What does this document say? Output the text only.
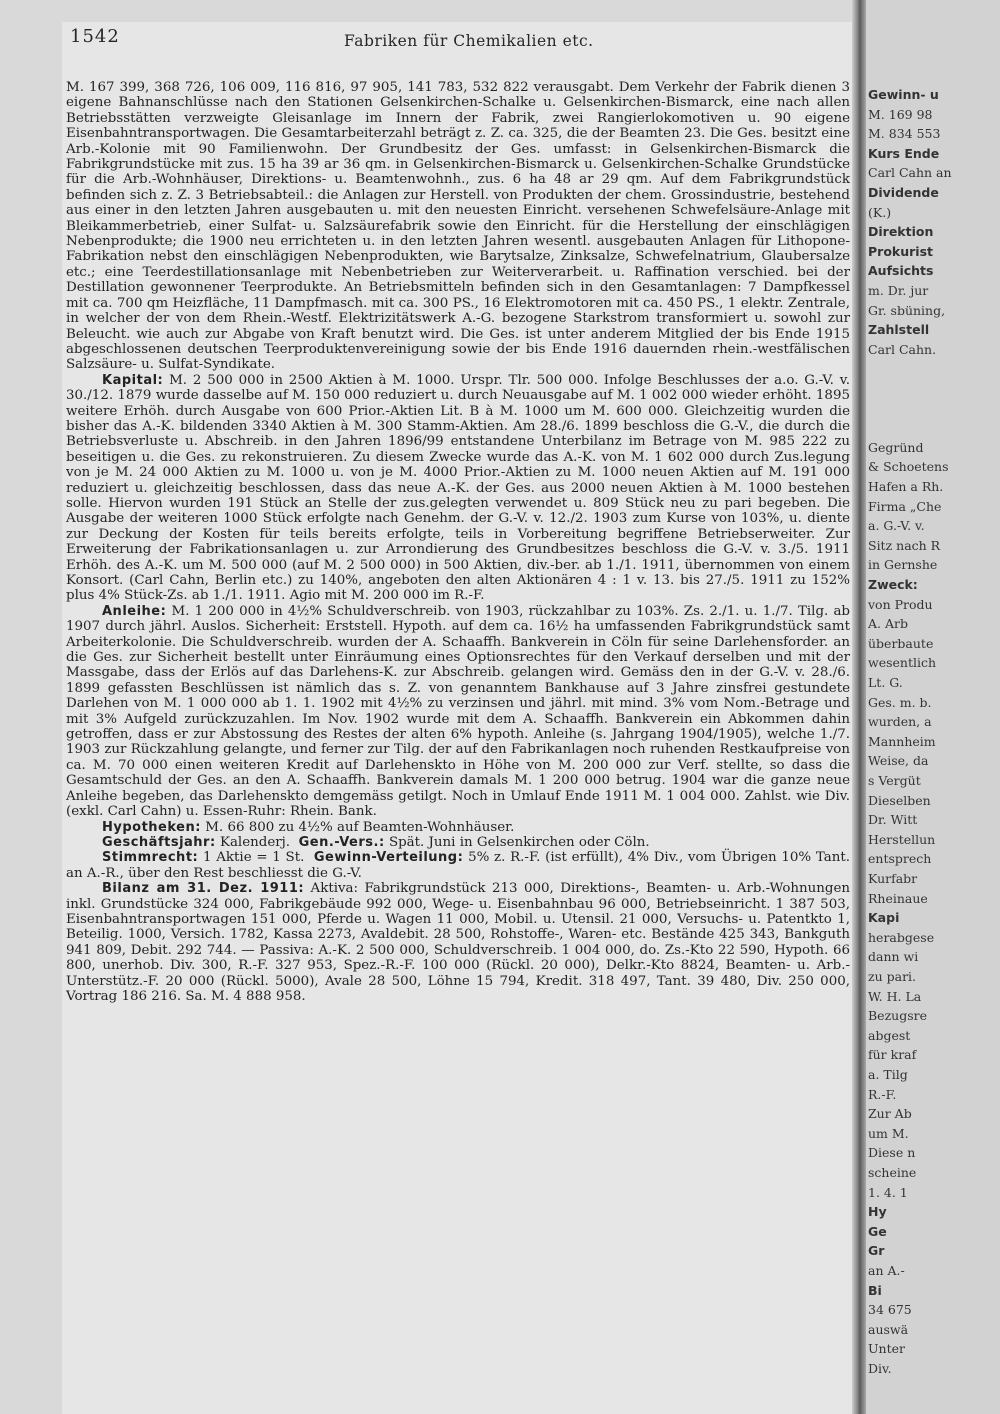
1542	Fabriken für Chemikalien etc.

M. 167 399, 368 726, 106 009, 116 816, 97 905, 141 783, 532 822 verausgabt. Dem Verkehr der Fabrik dienen 3 eigene Bahnanschlüsse nach den Stationen Gelsenkirchen-Schalke u. Gelsenkirchen-Bismarck, eine nach allen Betriebsstätten verzweigte Gleisanlage im Innern der Fabrik, zwei Rangierlokomotiven u. 90 eigene Eisenbahntransportwagen. Die Gesamtarbeiterzahl beträgt z. Z. ca. 325, die der Beamten 23. Die Ges. besitzt eine Arb.-Kolonie mit 90 Familienwohn. Der Grundbesitz der Ges. umfasst: in Gelsenkirchen-Bismarck die Fabrikgrundstücke mit zus. 15 ha 39 ar 36 qm. in Gelsenkirchen-Bismarck u. Gelsenkirchen-Schalke Grundstücke für die Arb.-Wohnhäuser, Direktions- u. Beamtenwohnh., zus. 6 ha 48 ar 29 qm. Auf dem Fabrikgrundstück befinden sich z. Z. 3 Betriebsabteil.: die Anlagen zur Herstell. von Produkten der chem. Grossindustrie, bestehend aus einer in den letzten Jahren ausgebauten u. mit den neuesten Einricht. versehenen Schwefelsäure-Anlage mit Bleikammerbetrieb, einer Sulfat- u. Salzsäurefabrik sowie den Einricht. für die Herstellung der einschlägigen Nebenprodukte; die 1900 neu errichteten u. in den letzten Jahren wesentl. ausgebauten Anlagen für Lithopone-Fabrikation nebst den einschlägigen Nebenprodukten, wie Barytsalze, Zinksalze, Schwefelnatrium, Glaubersalze etc.; eine Teerdestillationsanlage mit Nebenbetrieben zur Weiterverarbeit. u. Raffination verschied. bei der Destillation gewonnener Teerprodukte. An Betriebsmitteln befinden sich in den Gesamtanlagen: 7 Dampfkessel mit ca. 700 qm Heizfläche, 11 Dampfmasch. mit ca. 300 PS., 16 Elektromotoren mit ca. 450 PS., 1 elektr. Zentrale, in welcher der von dem Rhein.-Westf. Elektrizitätswerk A.-G. bezogene Starkstrom transformiert u. sowohl zur Beleucht. wie auch zur Abgabe von Kraft benutzt wird. Die Ges. ist unter anderem Mitglied der bis Ende 1915 abgeschlossenen deutschen Teerproduktenvereinigung sowie der bis Ende 1916 dauernden rhein.-westfälischen Salzsäure- u. Sulfat-Syndikate.

Kapital: M. 2 500 000 in 2500 Aktien à M. 1000. Urspr. Tlr. 500 000. Infolge Beschlusses der a.o. G.-V. v. 30./12. 1879 wurde dasselbe auf M. 150 000 reduziert u. durch Neuausgabe auf M. 1 002 000 wieder erhöht. 1895 weitere Erhöh. durch Ausgabe von 600 Prior.-Aktien Lit. B à M. 1000 um M. 600 000. Gleichzeitig wurden die bisher das A.-K. bildenden 3340 Aktien à M. 300 Stamm-Aktien. Am 28./6. 1899 beschloss die G.-V., die durch die Betriebsverluste u. Abschreib. in den Jahren 1896/99 entstandene Unterbilanz im Betrage von M. 985 222 zu beseitigen u. die Ges. zu rekonstruieren. Zu diesem Zwecke wurde das A.-K. von M. 1 602 000 durch Zus.legung von je M. 24 000 Aktien zu M. 1000 u. von je M. 4000 Prior.-Aktien zu M. 1000 neuen Aktien auf M. 191 000 reduziert u. gleichzeitig beschlossen, dass das neue A.-K. der Ges. aus 2000 neuen Aktien à M. 1000 bestehen solle. Hiervon wurden 191 Stück an Stelle der zus.gelegten verwendet u. 809 Stück neu zu pari begeben. Die Ausgabe der weiteren 1000 Stück erfolgte nach Genehm. der G.-V. v. 12./2. 1903 zum Kurse von 103%, u. diente zur Deckung der Kosten für teils bereits erfolgte, teils in Vorbereitung begriffene Betriebserweiter. Zur Erweiterung der Fabrikationsanlagen u. zur Arrondierung des Grundbesitzes beschloss die G.-V. v. 3./5. 1911 Erhöh. des A.-K. um M. 500 000 (auf M. 2 500 000) in 500 Aktien, div.-ber. ab 1./1. 1911, übernommen von einem Konsort. (Carl Cahn, Berlin etc.) zu 140%, angeboten den alten Aktionären 4 : 1 v. 13. bis 27./5. 1911 zu 152% plus 4% Stück-Zs. ab 1./1. 1911. Agio mit M. 200 000 im R.-F.

Anleihe: M. 1 200 000 in 4½% Schuldverschreib. von 1903, rückzahlbar zu 103%. Zs. 2./1. u. 1./7. Tilg. ab 1907 durch jährl. Auslos. Sicherheit: Erststell. Hypoth. auf dem ca. 16½ ha umfassenden Fabrikgrundstück samt Arbeiterkolonie. Die Schuldverschreib. wurden der A. Schaaffh. Bankverein in Cöln für seine Darlehensforder. an die Ges. zur Sicherheit bestellt unter Einräumung eines Optionsrechtes für den Verkauf derselben und mit der Massgabe, dass der Erlös auf das Darlehens-K. zur Abschreib. gelangen wird. Gemäss den in der G.-V. v. 28./6. 1899 gefassten Beschlüssen ist nämlich das s. Z. von genanntem Bankhause auf 3 Jahre zinsfrei gestundete Darlehen von M. 1 000 000 ab 1. 1. 1902 mit 4½% zu verzinsen und jährl. mit mind. 3% vom Nom.-Betrage und mit 3% Aufgeld zurückzuzahlen. Im Nov. 1902 wurde mit dem A. Schaaffh. Bankverein ein Abkommen dahin getroffen, dass er zur Abstossung des Restes der alten 6% hypoth. Anleihe (s. Jahrgang 1904/1905), welche 1./7. 1903 zur Rückzahlung gelangte, und ferner zur Tilg. der auf den Fabrikanlagen noch ruhenden Restkaufpreise von ca. M. 70 000 einen weiteren Kredit auf Darlehenskto in Höhe von M. 200 000 zur Verf. stellte, so dass die Gesamtschuld der Ges. an den A. Schaaffh. Bankverein damals M. 1 200 000 betrug. 1904 war die ganze neue Anleihe begeben, das Darlehenskto demgemäss getilgt. Noch in Umlauf Ende 1911 M. 1 004 000. Zahlst. wie Div. (exkl. Carl Cahn) u. Essen-Ruhr: Rhein. Bank.

Hypotheken: M. 66 800 zu 4½% auf Beamten-Wohnhäuser.

Geschäftsjahr: Kalenderj. Gen.-Vers.: Spät. Juni in Gelsenkirchen oder Cöln.

Stimmrecht: 1 Aktie = 1 St. Gewinn-Verteilung: 5% z. R.-F. (ist erfüllt), 4% Div., vom Übrigen 10% Tant. an A.-R., über den Rest beschliesst die G.-V.

Bilanz am 31. Dez. 1911: Aktiva: Fabrikgrundstück 213 000, Direktions-, Beamten- u. Arb.-Wohnungen inkl. Grundstücke 324 000, Fabrikgebäude 992 000, Wege- u. Eisenbahnbau 96 000, Betriebseinricht. 1 387 503, Eisenbahntransportwagen 151 000, Pferde u. Wagen 11 000, Mobil. u. Utensil. 21 000, Versuchs- u. Patentkto 1, Beteilig. 1000, Versich. 1782, Kassa 2273, Avaldebit. 28 500, Rohstoffe-, Waren- etc. Bestände 425 343, Bankguth 941 809, Debit. 292 744. — Passiva: A.-K. 2 500 000, Schuldverschreib. 1 004 000, do. Zs.-Kto 22 590, Hypoth. 66 800, unerhob. Div. 300, R.-F. 327 953, Spez.-R.-F. 100 000 (Rückl. 20 000), Delkr.-Kto 8824, Beamten- u. Arb.-Unterstütz.-F. 20 000 (Rückl. 5000), Avale 28 500, Löhne 15 794, Kredit. 318 497, Tant. 39 480, Div. 250 000, Vortrag 186 216. Sa. M. 4 888 958.

Gewinn- u
M. 169 98
M. 834 553
Kurs Ende
Carl Cahn an
Dividende
(K.)
Direktion
Prokurist
Aufsichts
m. Dr. jur
Gr. sbüning,
Zahlstell
Carl Cahn.
Gegründ
& Schoetens
Hafen a Rh.
Firma „Che
a. G.-V. v.
Sitz nach R
in Gernshe
Zweck:
von Produ
A. Arb
überbaute
wesentlich
Lt. G.
Ges. m. b.
wurden, a
Mannheim
Weise, da
s Vergüt
Dieselben
Dr. Witt
Herstellun
entsprech
Kurfabr
Rheinaue
Kapi
herabgese
dann wi
zu pari.
W. H. La
Bezugsre
abgest
für kraf
a. Tilg
R.-F.
Zur Ab
um M.
Diese n
scheine
1. 4. 1
Hy
Ge
Gr
an A.-
Bi
34 675
auswä
Unter
Div.
